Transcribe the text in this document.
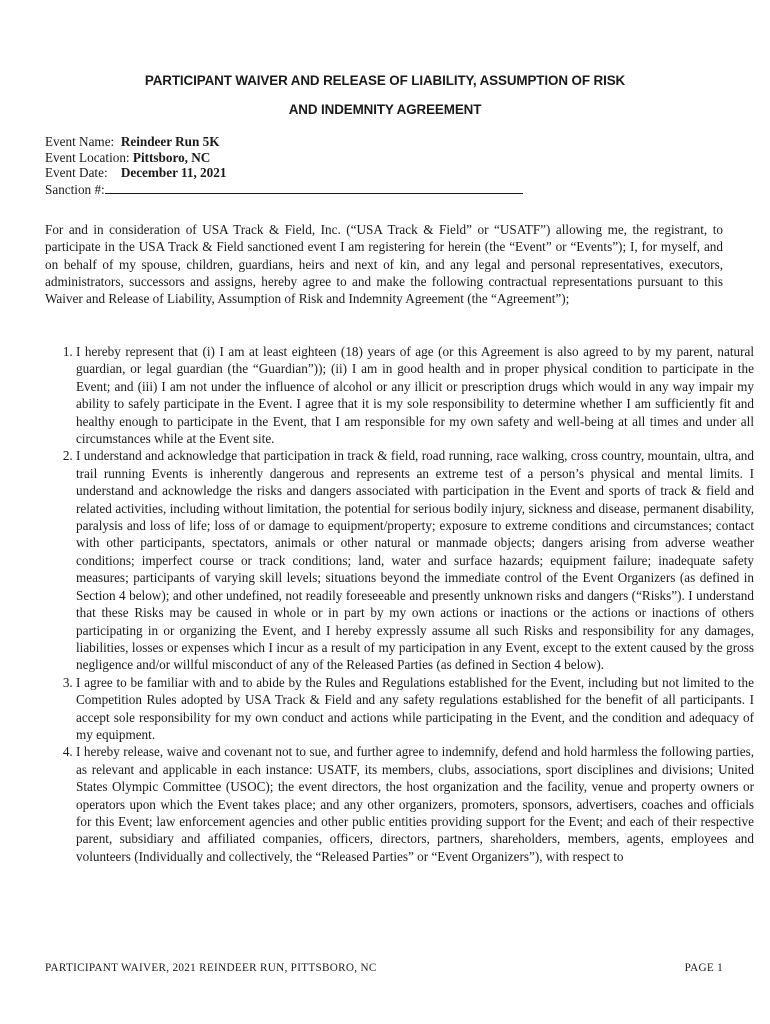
PARTICIPANT WAIVER AND RELEASE OF LIABILITY, ASSUMPTION OF RISK
AND INDEMNITY AGREEMENT
Event Name: Reindeer Run 5K
Event Location: Pittsboro, NC
Event Date: December 11, 2021
Sanction #:
For and in consideration of USA Track & Field, Inc. (“USA Track & Field” or “USATF”) allowing me, the registrant, to participate in the USA Track & Field sanctioned event I am registering for herein (the “Event” or “Events”); I, for myself, and on behalf of my spouse, children, guardians, heirs and next of kin, and any legal and personal representatives, executors, administrators, successors and assigns, hereby agree to and make the following contractual representations pursuant to this Waiver and Release of Liability, Assumption of Risk and Indemnity Agreement (the “Agreement”);
1. I hereby represent that (i) I am at least eighteen (18) years of age (or this Agreement is also agreed to by my parent, natural guardian, or legal guardian (the “Guardian”)); (ii) I am in good health and in proper physical condition to participate in the Event; and (iii) I am not under the influence of alcohol or any illicit or prescription drugs which would in any way impair my ability to safely participate in the Event. I agree that it is my sole responsibility to determine whether I am sufficiently fit and healthy enough to participate in the Event, that I am responsible for my own safety and well-being at all times and under all circumstances while at the Event site.
2. I understand and acknowledge that participation in track & field, road running, race walking, cross country, mountain, ultra, and trail running Events is inherently dangerous and represents an extreme test of a person’s physical and mental limits. I understand and acknowledge the risks and dangers associated with participation in the Event and sports of track & field and related activities, including without limitation, the potential for serious bodily injury, sickness and disease, permanent disability, paralysis and loss of life; loss of or damage to equipment/property; exposure to extreme conditions and circumstances; contact with other participants, spectators, animals or other natural or manmade objects; dangers arising from adverse weather conditions; imperfect course or track conditions; land, water and surface hazards; equipment failure; inadequate safety measures; participants of varying skill levels; situations beyond the immediate control of the Event Organizers (as defined in Section 4 below); and other undefined, not readily foreseeable and presently unknown risks and dangers (“Risks”). I understand that these Risks may be caused in whole or in part by my own actions or inactions or the actions or inactions of others participating in or organizing the Event, and I hereby expressly assume all such Risks and responsibility for any damages, liabilities, losses or expenses which I incur as a result of my participation in any Event, except to the extent caused by the gross negligence and/or willful misconduct of any of the Released Parties (as defined in Section 4 below).
3. I agree to be familiar with and to abide by the Rules and Regulations established for the Event, including but not limited to the Competition Rules adopted by USA Track & Field and any safety regulations established for the benefit of all participants. I accept sole responsibility for my own conduct and actions while participating in the Event, and the condition and adequacy of my equipment.
4. I hereby release, waive and covenant not to sue, and further agree to indemnify, defend and hold harmless the following parties, as relevant and applicable in each instance: USATF, its members, clubs, associations, sport disciplines and divisions; United States Olympic Committee (USOC); the event directors, the host organization and the facility, venue and property owners or operators upon which the Event takes place; and any other organizers, promoters, sponsors, advertisers, coaches and officials for this Event; law enforcement agencies and other public entities providing support for the Event; and each of their respective parent, subsidiary and affiliated companies, officers, directors, partners, shareholders, members, agents, employees and volunteers (Individually and collectively, the “Released Parties” or “Event Organizers”), with respect to
PARTICIPANT WAIVER, 2021 REINDEER RUN, PITTSBORO, NC	PAGE 1
